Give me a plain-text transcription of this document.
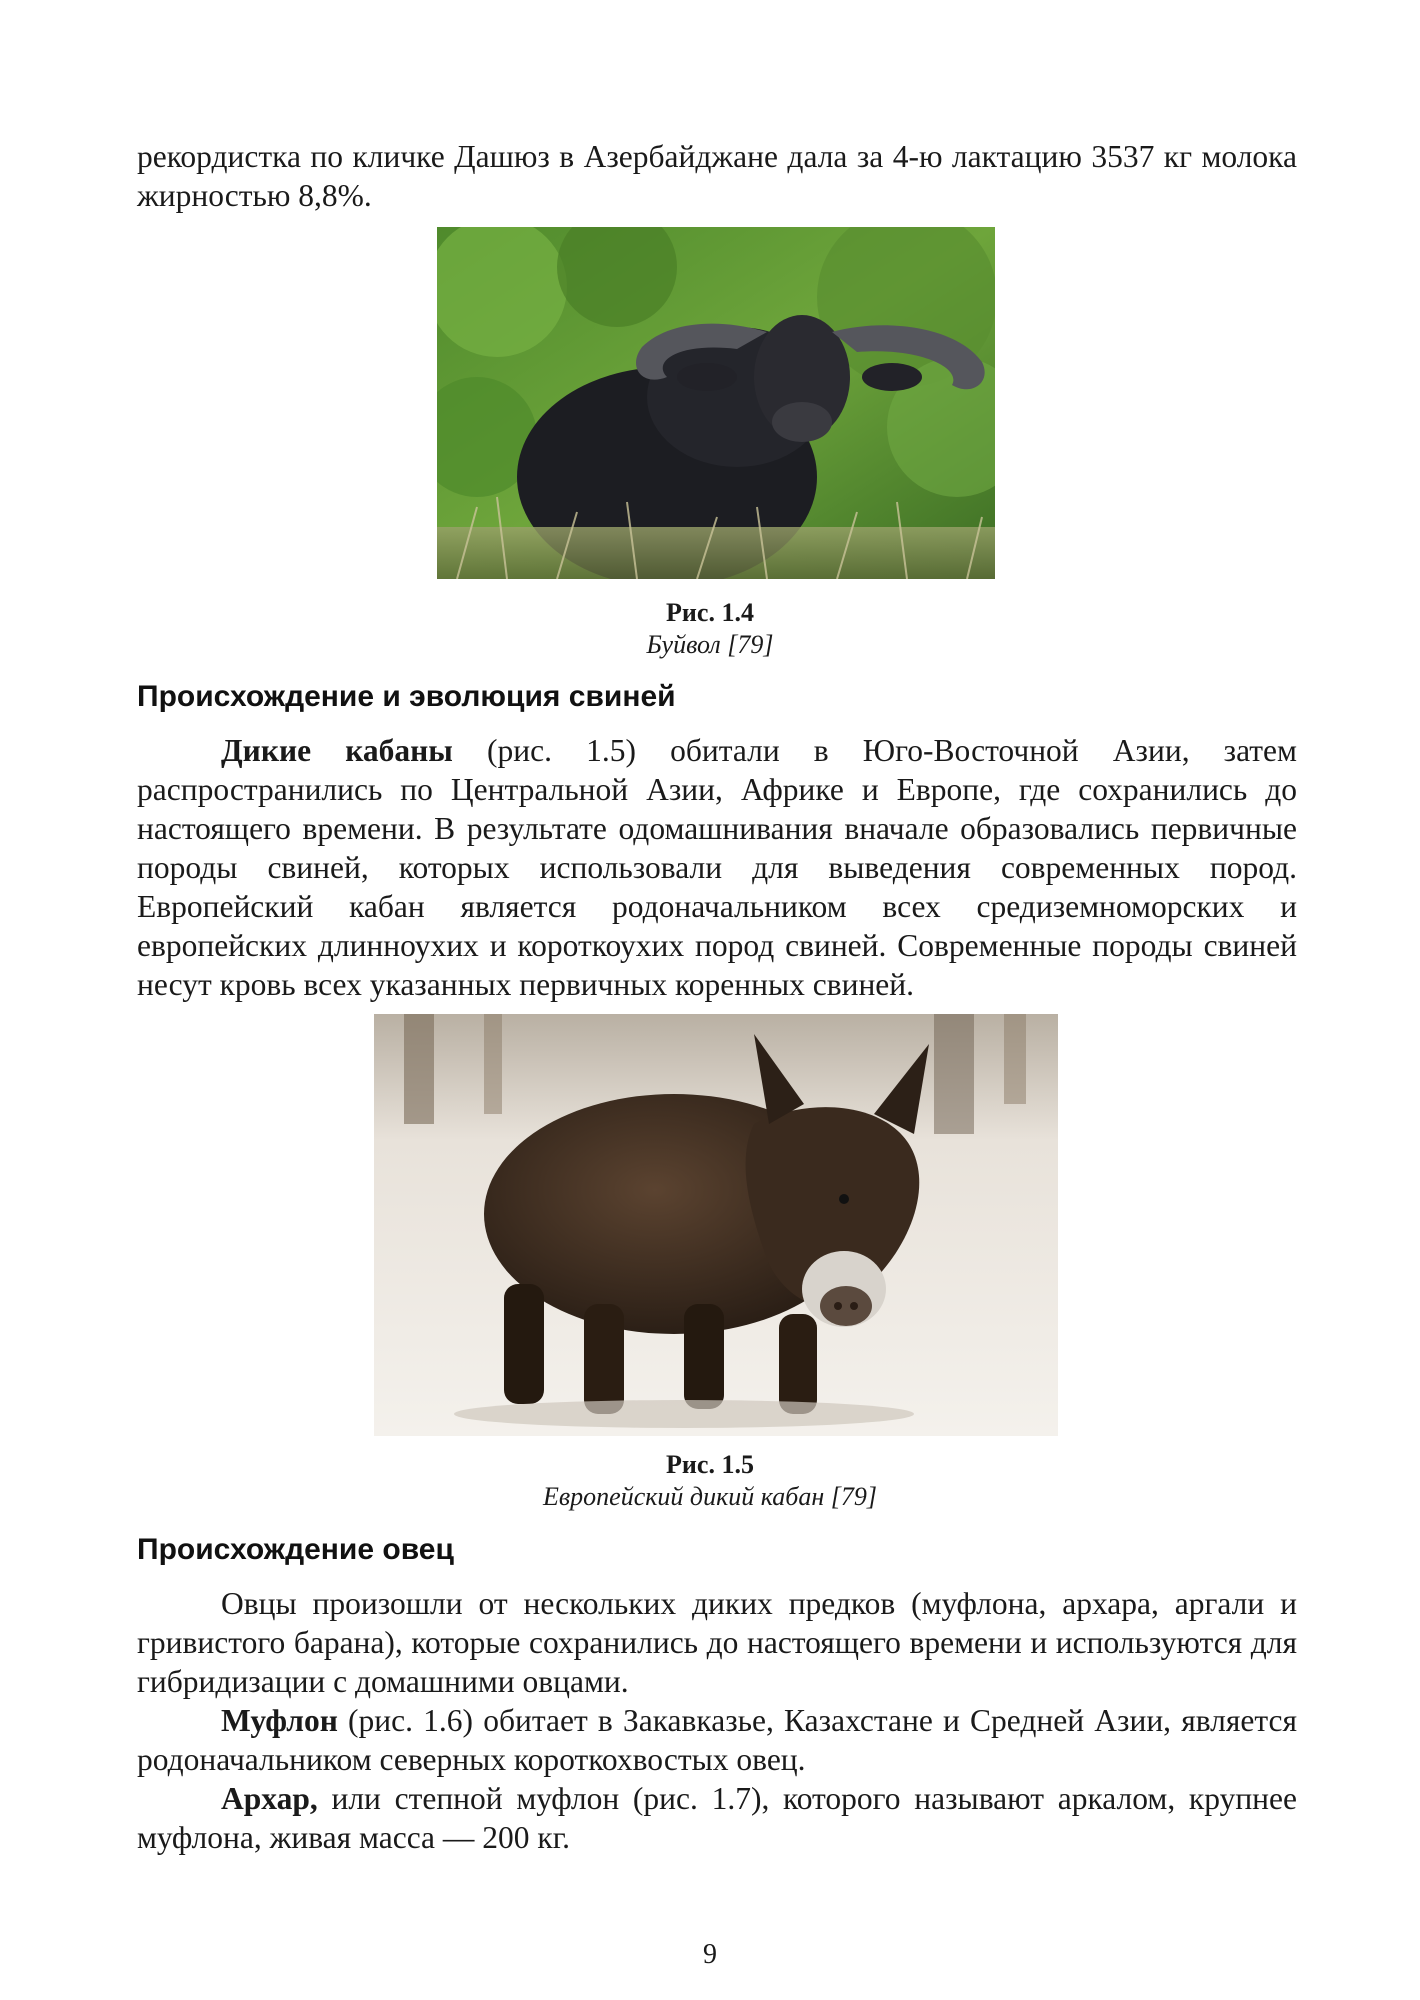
рекордистка по кличке Дашюз в Азербайджане дала за 4-ю лактацию 3537 кг молока жирностью 8,8%.

Рис. 1.4
Буйвол [79]
Происхождение и эволюция свиней

Дикие кабаны (рис. 1.5) обитали в Юго-Восточной Азии, затем распространились по Центральной Азии, Африке и Европе, где сохранились до настоящего времени. В результате одомашнивания вначале образовались первичные породы свиней, которых использовали для выведения современных пород. Европейский кабан является родоначальником всех средиземноморских и европейских длинноухих и короткоухих пород свиней. Современные породы свиней несут кровь всех указанных первичных коренных свиней.

Рис. 1.5
Европейский дикий кабан [79]
Происхождение овец

Овцы произошли от нескольких диких предков (муфлона, архара, аргали и гривистого барана), которые сохранились до настоящего времени и используются для гибридизации с домашними овцами.

Муфлон (рис. 1.6) обитает в Закавказье, Казахстане и Средней Азии, является родоначальником северных короткохвостых овец.

Архар, или степной муфлон (рис. 1.7), которого называют аркалом, крупнее муфлона, живая масса — 200 кг.

9
